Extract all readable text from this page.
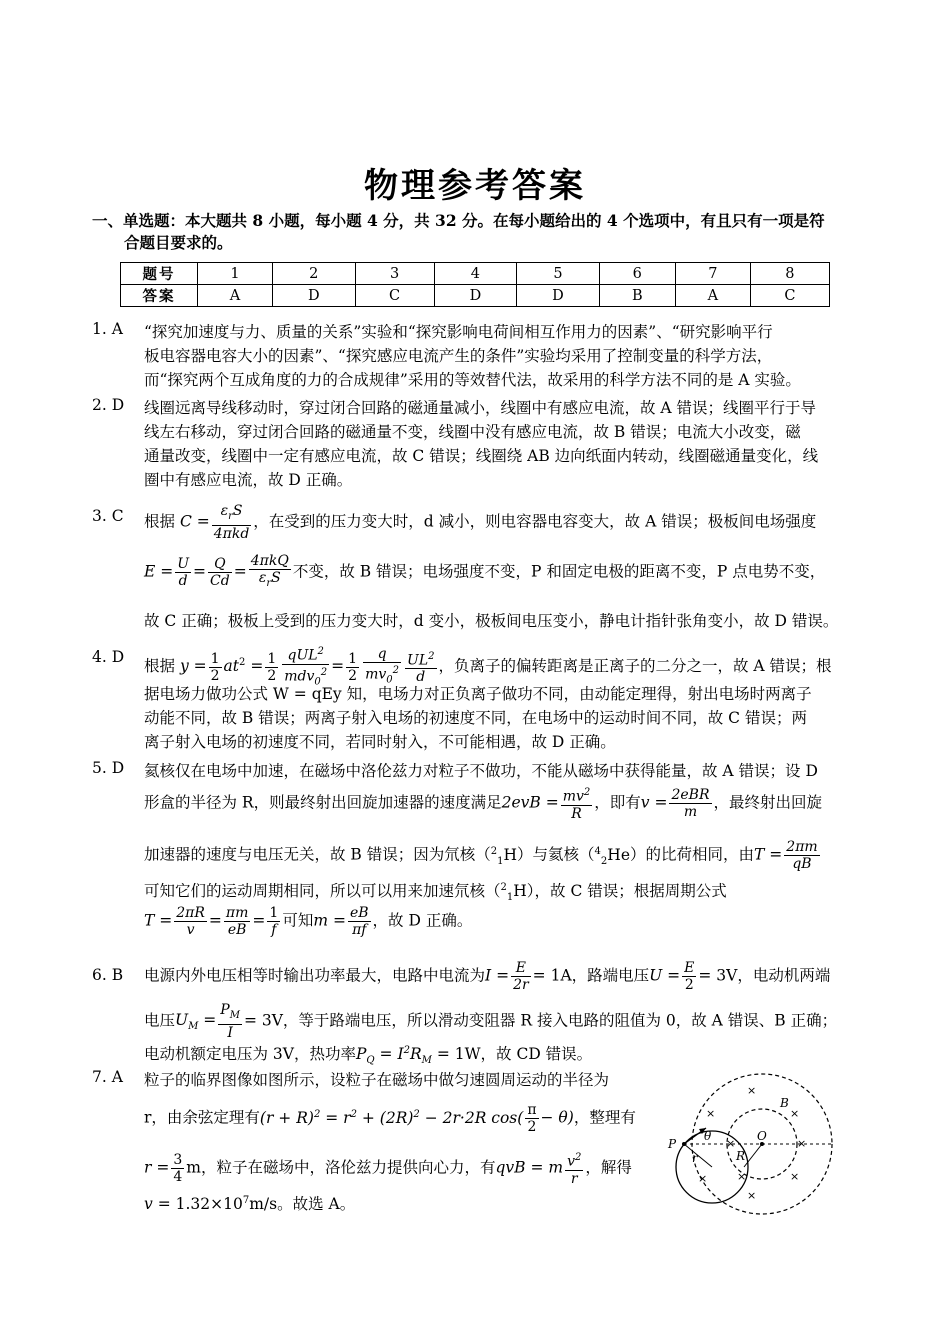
物理参考答案
一、单选题：本大题共 8 小题，每小题 4 分，共 32 分。在每小题给出的 4 个选项中，有且只有一项是符
合题目要求的。
题号	1	2	3	4	5	6	7	8
答案	A	D	C	D	D	B	A	C
1. A	“探究加速度与力、质量的关系”实验和“探究影响电荷间相互作用力的因素”、“研究影响平行
板电容器电容大小的因素”、“探究感应电流产生的条件”实验均采用了控制变量的科学方法，
而“探究两个互成角度的力的合成规律”采用的等效替代法，故采用的科学方法不同的是 A 实验。
2. D	线圈远离导线移动时，穿过闭合回路的磁通量减小，线圈中有感应电流，故 A 错误；线圈平行于导
线左右移动，穿过闭合回路的磁通量不变，线圈中没有感应电流，故 B 错误；电流大小改变，磁
通量改变，线圈中一定有感应电流，故 C 错误；线圈绕 AB 边向纸面内转动，线圈磁通量变化，线
圈中有感应电流，故 D 正确。
3. C	根据 $C = \frac{\varepsilon_rS}{\text{4πkd}}$ ，在受到的压力变大时，d 减小，则电容器电容变大，故 A 错误；极板间电场强度
$E = \frac{U}{d} = \frac{Q}{Cd} = \frac{\text{4πkQ}}{\varepsilon_rS}$ 不变，故 B 错误；电场强度不变，P 和固定电极的距离不变，P 点电势不变，
故 C 正确；极板上受到的压力变大时，d 变小，极板间电压变小，静电计指针张角变小，故 D 错误。
4. D
根据 $y = \frac{1}{2} at^2 = \frac{1}{2} \frac{qUL^2}{mdv_0^2} = \frac{1}{2} \frac{q}{mv_0^2} \frac{UL^2}{d}$ ，负离子的偏转距离是正离子的二分之一，故 A 错误；根
据电场力做功公式 W = qEy 知，电场力对正负离子做功不同，由动能定理得，射出电场时两离子
动能不同，故 B 错误；两离子射入电场的初速度不同，在电场中的运动时间不同，故 C 错误；两
离子射入电场的初速度不同，若同时射入，不可能相遇，故 D 正确。
5. D	氦核仅在电场中加速，在磁场中洛伦兹力对粒子不做功，不能从磁场中获得能量，故 A 错误；设 D
形盒的半径为 R，则最终射出回旋加速器的速度满足$2evB = \frac{mv^2}{R}$ ，即有$v = \frac{\text{2eBR}}{m}$ ，最终射出回旋
加速器的速度与电压无关，故 B 错误；因为氘核（$^2_1$H）与氦核（$^4_2$He）的比荷相同，由$T = \frac{2\pi m}{qB}$
可知它们的运动周期相同，所以可以用来加速氘核（$^2_1$H），故 C 错误；根据周期公式
$T = \frac{2\pi R}{v} = \frac{\pi m}{eB} = \frac{1}{f}$ 可知$m = \frac{eB}{\pi f}$ ，故 D 正确。
6. B	电源内外电压相等时输出功率最大，电路中电流为$I = \frac{E}{2r} = 1A$，路端电压$U = \frac{E}{2} = 3V$，电动机两端
电压$U_M = \frac{P_M}{I} = 3V$，等于路端电压，所以滑动变阻器 R 接入电路的阻值为 0，故 A 错误、B 正确；
电动机额定电压为 3V，热功率$P_Q = I^2R_M = 1W$，故 CD 错误。
7. A	粒子的临界图像如图所示，设粒子在磁场中做匀速圆周运动的半径为
r，由余弦定理有$(r + R)^2 = r^2 + (2R)^2 - 2r\cdot 2R$ $\cos( \frac{\pi}{2} - \theta)$，整理有
$r = \frac{3}{4}$ m，粒子在磁场中，洛伦兹力提供向心力，有qvB = m $\frac{v^2}{r}$ ，解得
$v = 1.32\times 10^7m/s$。故选 A。
×
×
×
×	×
×
×
×	×
P
O
R
B
r
θ
